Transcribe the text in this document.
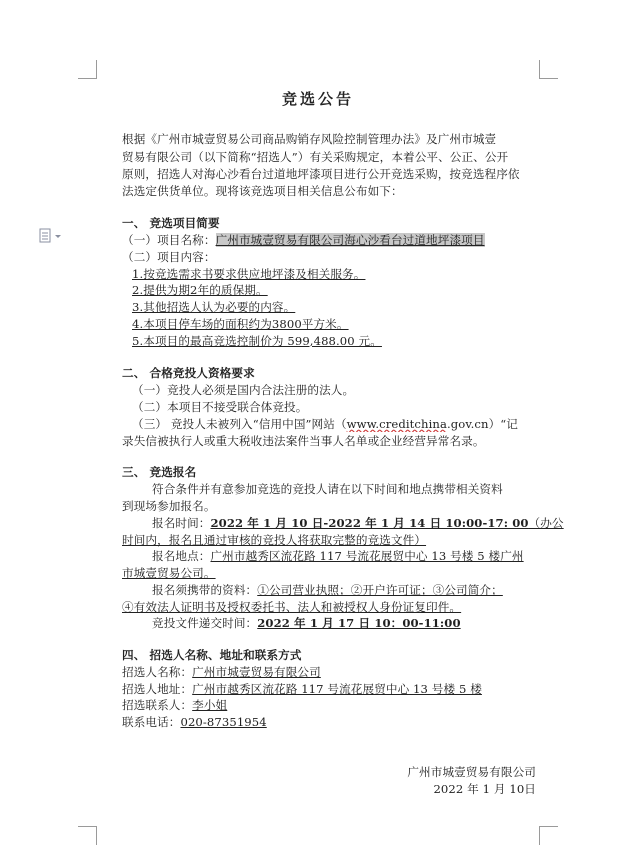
竞选公告
根据《广州市城壹贸易公司商品购销存风险控制管理办法》及广州市城壹
贸易有限公司（以下简称“招选人”）有关采购规定，本着公平、公正、公开
原则，招选人对海心沙看台过道地坪漆项目进行公开竞选采购，按竞选程序依
法选定供货单位。现将该竞选项目相关信息公布如下：
一、 竞选项目简要
（一）项目名称：广州市城壹贸易有限公司海心沙看台过道地坪漆项目
（二）项目内容：
1.按竞选需求书要求供应地坪漆及相关服务。
2.提供为期2年的质保期。
3.其他招选人认为必要的内容。
4.本项目停车场的面积约为3800平方米。
5.本项目的最高竞选控制价为 599,488.00 元。
二、 合格竞投人资格要求
（一）竞投人必须是国内合法注册的法人。
（二）本项目不接受联合体竞投。
（三） 竞投人未被列入“信用中国”网站（www.creditchina.gov.cn）“记
录失信被执行人或重大税收违法案件当事人名单或企业经营异常名录。
三、 竞选报名
符合条件并有意参加竞选的竞投人请在以下时间和地点携带相关资料
到现场参加报名。
报名时间：2022 年 1 月 10 日-2022 年 1 月 14 日 10:00-17: 00（办公
时间内，报名且通过审核的竞投人将获取完整的竞选文件）
报名地点：广州市越秀区流花路 117 号流花展贸中心 13 号楼 5 楼广州
市城壹贸易公司。
报名须携带的资料：①公司营业执照；②开户许可证；③公司简介；
④有效法人证明书及授权委托书、法人和被授权人身份证复印件。
竞投文件递交时间：2022 年 1 月 17 日 10：00-11:00
四、 招选人名称、地址和联系方式
招选人名称：广州市城壹贸易有限公司
招选人地址：广州市越秀区流花路 117 号流花展贸中心 13 号楼 5 楼
招选联系人：李小姐
联系电话：020-87351954
广州市城壹贸易有限公司
2022 年 1 月 10日
